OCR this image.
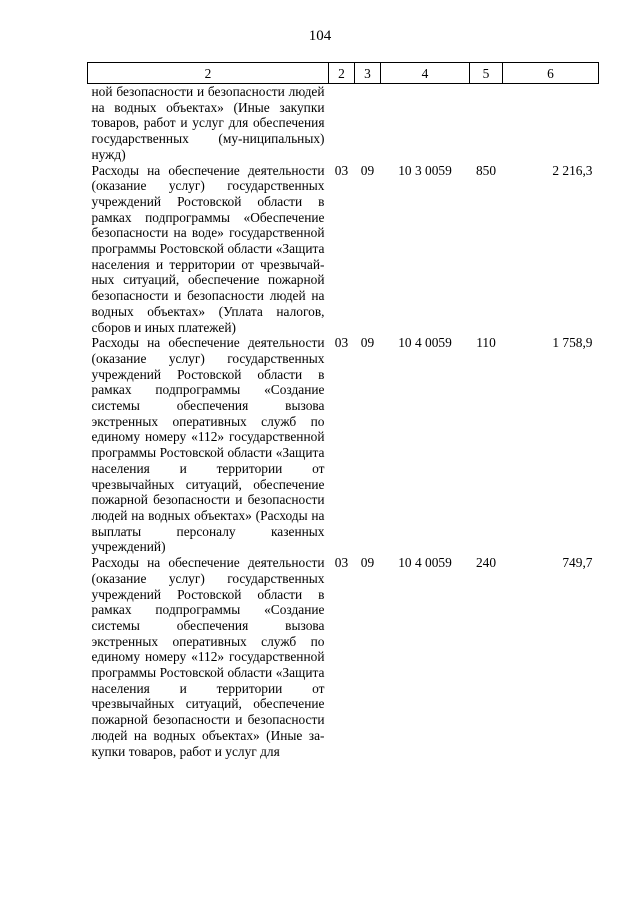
104
2	2	3	4	5	6
ной безопасности и безопасности людей на водных объектах» (Иные закупки товаров, работ и услуг для обеспечения государственных (му-ниципальных) нужд)					
Расходы на обеспечение деятельности (оказание услуг) государственных учреждений Ростовской области в рамках подпрограммы «Обеспечение безопасности на воде» государственной программы Ростовской области «Защита населения и территории от чрезвычайных ситуаций, обеспечение пожарной безопасности и безопасности людей на водных объектах» (Уплата налогов, сборов и иных платежей)	03	09	10 3 0059	850	2 216,3
Расходы на обеспечение деятельности (оказание услуг) государственных учреждений Ростовской области в рамках подпрограммы «Создание системы обеспечения вызова экстренных оперативных служб по единому номеру «112» государственной программы Ростовской области «Защита населения и территории от чрезвычайных ситуаций, обеспечение пожарной безопасности и безопасности людей на водных объектах» (Расходы на выплаты персоналу казенных учреждений)	03	09	10 4 0059	110	1 758,9
Расходы на обеспечение деятельности (оказание услуг) государственных учреждений Ростовской области в рамках подпрограммы «Создание системы обеспечения вызова экстренных оперативных служб по единому номеру «112» государственной программы Ростовской области «Защита населения и территории от чрезвычайных ситуаций, обеспечение пожарной безопасности и безопасности людей на водных объектах» (Иные закупки товаров, работ и услуг для	03	09	10 4 0059	240	749,7
